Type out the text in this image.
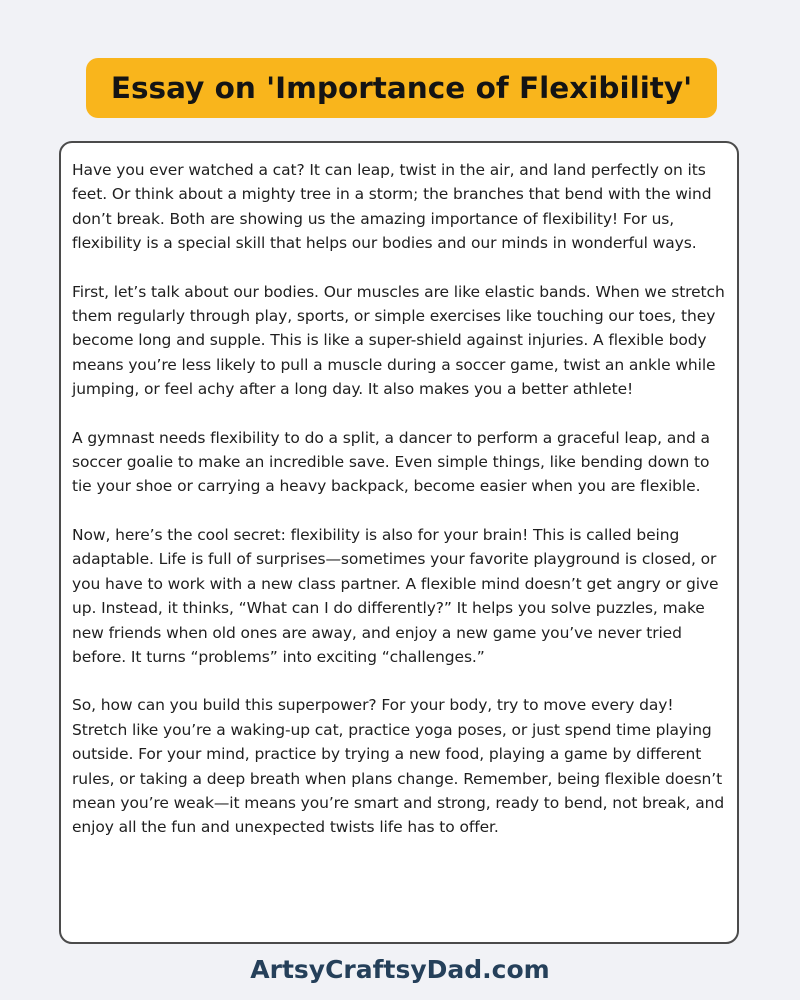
Essay on 'Importance of Flexibility'

Have you ever watched a cat? It can leap, twist in the air, and land perfectly on its feet. Or think about a mighty tree in a storm; the branches that bend with the wind don’t break. Both are showing us the amazing importance of flexibility! For us, flexibility is a special skill that helps our bodies and our minds in wonderful ways.

First, let’s talk about our bodies. Our muscles are like elastic bands. When we stretch them regularly through play, sports, or simple exercises like touching our toes, they become long and supple. This is like a super-shield against injuries. A flexible body means you’re less likely to pull a muscle during a soccer game, twist an ankle while jumping, or feel achy after a long day. It also makes you a better athlete!

A gymnast needs flexibility to do a split, a dancer to perform a graceful leap, and a soccer goalie to make an incredible save. Even simple things, like bending down to tie your shoe or carrying a heavy backpack, become easier when you are flexible.

Now, here’s the cool secret: flexibility is also for your brain! This is called being adaptable. Life is full of surprises—sometimes your favorite playground is closed, or you have to work with a new class partner. A flexible mind doesn’t get angry or give up. Instead, it thinks, “What can I do differently?” It helps you solve puzzles, make new friends when old ones are away, and enjoy a new game you’ve never tried before. It turns “problems” into exciting “challenges.”

So, how can you build this superpower? For your body, try to move every day! Stretch like you’re a waking-up cat, practice yoga poses, or just spend time playing outside. For your mind, practice by trying a new food, playing a game by different rules, or taking a deep breath when plans change. Remember, being flexible doesn’t mean you’re weak—it means you’re smart and strong, ready to bend, not break, and enjoy all the fun and unexpected twists life has to offer.

ArtsyCraftsyDad.com
